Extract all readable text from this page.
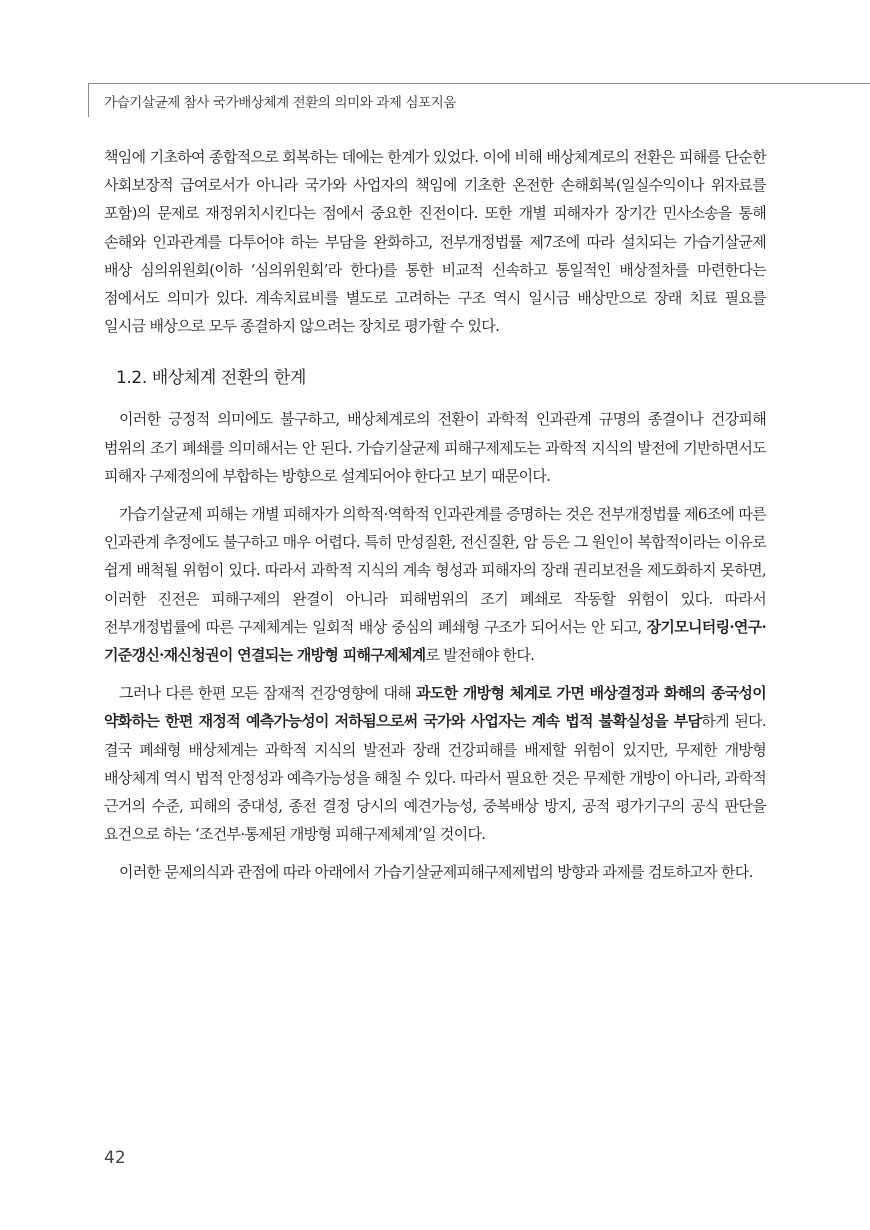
가습기살균제 참사 국가배상체계 전환의 의미와 과제 심포지움

책임에 기초하여 종합적으로 회복하는 데에는 한계가 있었다. 이에 비해 배상체계로의 전환은 피해를 단순한 사회보장적 급여로서가 아니라 국가와 사업자의 책임에 기초한 온전한 손해회복(일실수익이나 위자료를 포함)의 문제로 재정위치시킨다는 점에서 중요한 진전이다. 또한 개별 피해자가 장기간 민사소송을 통해 손해와 인과관계를 다투어야 하는 부담을 완화하고, 전부개정법률 제7조에 따라 설치되는 가습기살균제 배상 심의위원회(이하 ‘심의위원회’라 한다)를 통한 비교적 신속하고 통일적인 배상절차를 마련한다는 점에서도 의미가 있다. 계속치료비를 별도로 고려하는 구조 역시 일시금 배상만으로 장래 치료 필요를 일시금 배상으로 모두 종결하지 않으려는 장치로 평가할 수 있다.

1.2. 배상체계 전환의 한계

이러한 긍정적 의미에도 불구하고, 배상체계로의 전환이 과학적 인과관계 규명의 종결이나 건강피해 범위의 조기 폐쇄를 의미해서는 안 된다. 가습기살균제 피해구제제도는 과학적 지식의 발전에 기반하면서도 피해자 구제정의에 부합하는 방향으로 설계되어야 한다고 보기 때문이다.

가습기살균제 피해는 개별 피해자가 의학적·역학적 인과관계를 증명하는 것은 전부개정법률 제6조에 따른 인과관계 추정에도 불구하고 매우 어렵다. 특히 만성질환, 전신질환, 암 등은 그 원인이 복합적이라는 이유로 쉽게 배척될 위험이 있다. 따라서 과학적 지식의 계속 형성과 피해자의 장래 권리보전을 제도화하지 못하면, 이러한 진전은 피해구제의 완결이 아니라 피해범위의 조기 폐쇄로 작동할 위험이 있다. 따라서 전부개정법률에 따른 구제체계는 일회적 배상 중심의 폐쇄형 구조가 되어서는 안 되고, 장기모니터링·연구·기준갱신·재신청권이 연결되는 개방형 피해구제체계로 발전해야 한다.

그러나 다른 한편 모든 잠재적 건강영향에 대해 과도한 개방형 체계로 가면 배상결정과 화해의 종국성이 약화하는 한편 재정적 예측가능성이 저하됨으로써 국가와 사업자는 계속 법적 불확실성을 부담하게 된다. 결국 폐쇄형 배상체계는 과학적 지식의 발전과 장래 건강피해를 배제할 위험이 있지만, 무제한 개방형 배상체계 역시 법적 안정성과 예측가능성을 해칠 수 있다. 따라서 필요한 것은 무제한 개방이 아니라, 과학적 근거의 수준, 피해의 중대성, 종전 결정 당시의 예견가능성, 중복배상 방지, 공적 평가기구의 공식 판단을 요건으로 하는 ‘조건부·통제된 개방형 피해구제체계’일 것이다.

이러한 문제의식과 관점에 따라 아래에서 가습기살균제피해구제제법의 방향과 과제를 검토하고자 한다.

42
